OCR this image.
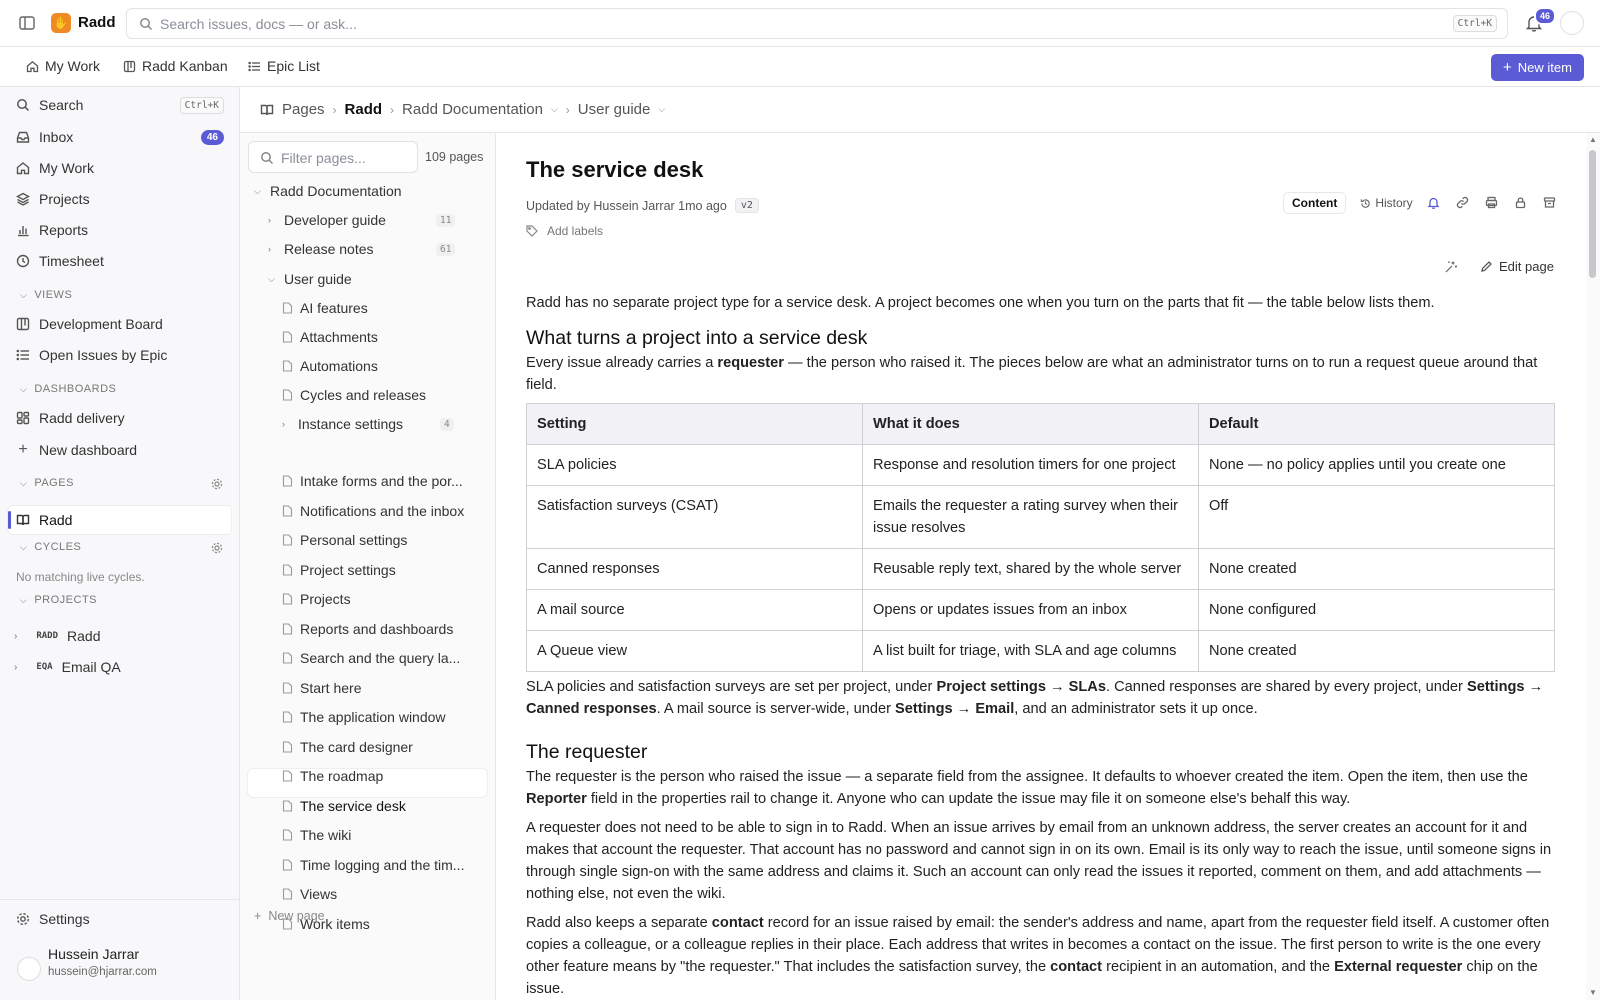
✋ Radd	Search issues, docs — or ask...	Ctrl+K
46
My Work	Radd Kanban	Epic List	+ New item
Search	Ctrl+K
Inbox	46
My Work
Projects
Reports
Timesheet
⌵ VIEWS
Development Board
Open Issues by Epic
⌵ DASHBOARDS
Radd delivery
+ New dashboard
⌵ PAGES
Radd
⌵ CYCLES
No matching live cycles.
⌵ PROJECTS
› RADD Radd
› EQA Email QA
Settings
Hussein Jarrar
hussein@hjarrar.com
Pages › Radd › Radd Documentation ⌵ › User guide ⌵
Filter pages...	109 pages
⌵ Radd Documentation
› Developer guide	11
› Release notes	61
⌵ User guide
AI features
Attachments
Automations
Cycles and releases
› Instance settings	4
Intake forms and the por...
Notifications and the inbox
Personal settings
Project settings
Projects
Reports and dashboards
Search and the query la...
Start here
The application window
The card designer
The roadmap
The service desk
The wiki
Time logging and the tim...
Views
Work items
+ New page
The service desk
Updated by Hussein Jarrar 1mo ago	v2
Add labels
Content	History
Edit page

Radd has no separate project type for a service desk. A project becomes one when you turn on the parts that fit — the table below lists them.

What turns a project into a service desk

Every issue already carries a requester — the person who raised it. The pieces below are what an administrator turns on to run a request queue around that field.

Setting	What it does	Default
SLA policies	Response and resolution timers for one project	None — no policy applies until you create one
Satisfaction surveys (CSAT)	Emails the requester a rating survey when their issue resolves	Off
Canned responses	Reusable reply text, shared by the whole server	None created
A mail source	Opens or updates issues from an inbox	None configured
A Queue view	A list built for triage, with SLA and age columns	None created

SLA policies and satisfaction surveys are set per project, under Project settings → SLAs. Canned responses are shared by every project, under Settings → Canned responses. A mail source is server-wide, under Settings → Email, and an administrator sets it up once.

The requester

The requester is the person who raised the issue — a separate field from the assignee. It defaults to whoever created the item. Open the item, then use the Reporter field in the properties rail to change it. Anyone who can update the issue may file it on someone else's behalf this way.

A requester does not need to be able to sign in to Radd. When an issue arrives by email from an unknown address, the server creates an account for it and makes that account the requester. That account has no password and cannot sign in on its own. Email is its only way to reach the issue, until someone signs in through single sign-on with the same address and claims it. Such an account can only read the issues it reported, comment on them, and add attachments — nothing else, not even the wiki.

Radd also keeps a separate contact record for an issue raised by email: the sender's address and name, apart from the requester field itself. A customer often copies a colleague, or a colleague replies in their place. Each address that writes in becomes a contact on the issue. The first person to write is the one every other feature means by "the requester." That includes the satisfaction survey, the contact recipient in an automation, and the External requester chip on the issue.

▲
▼
